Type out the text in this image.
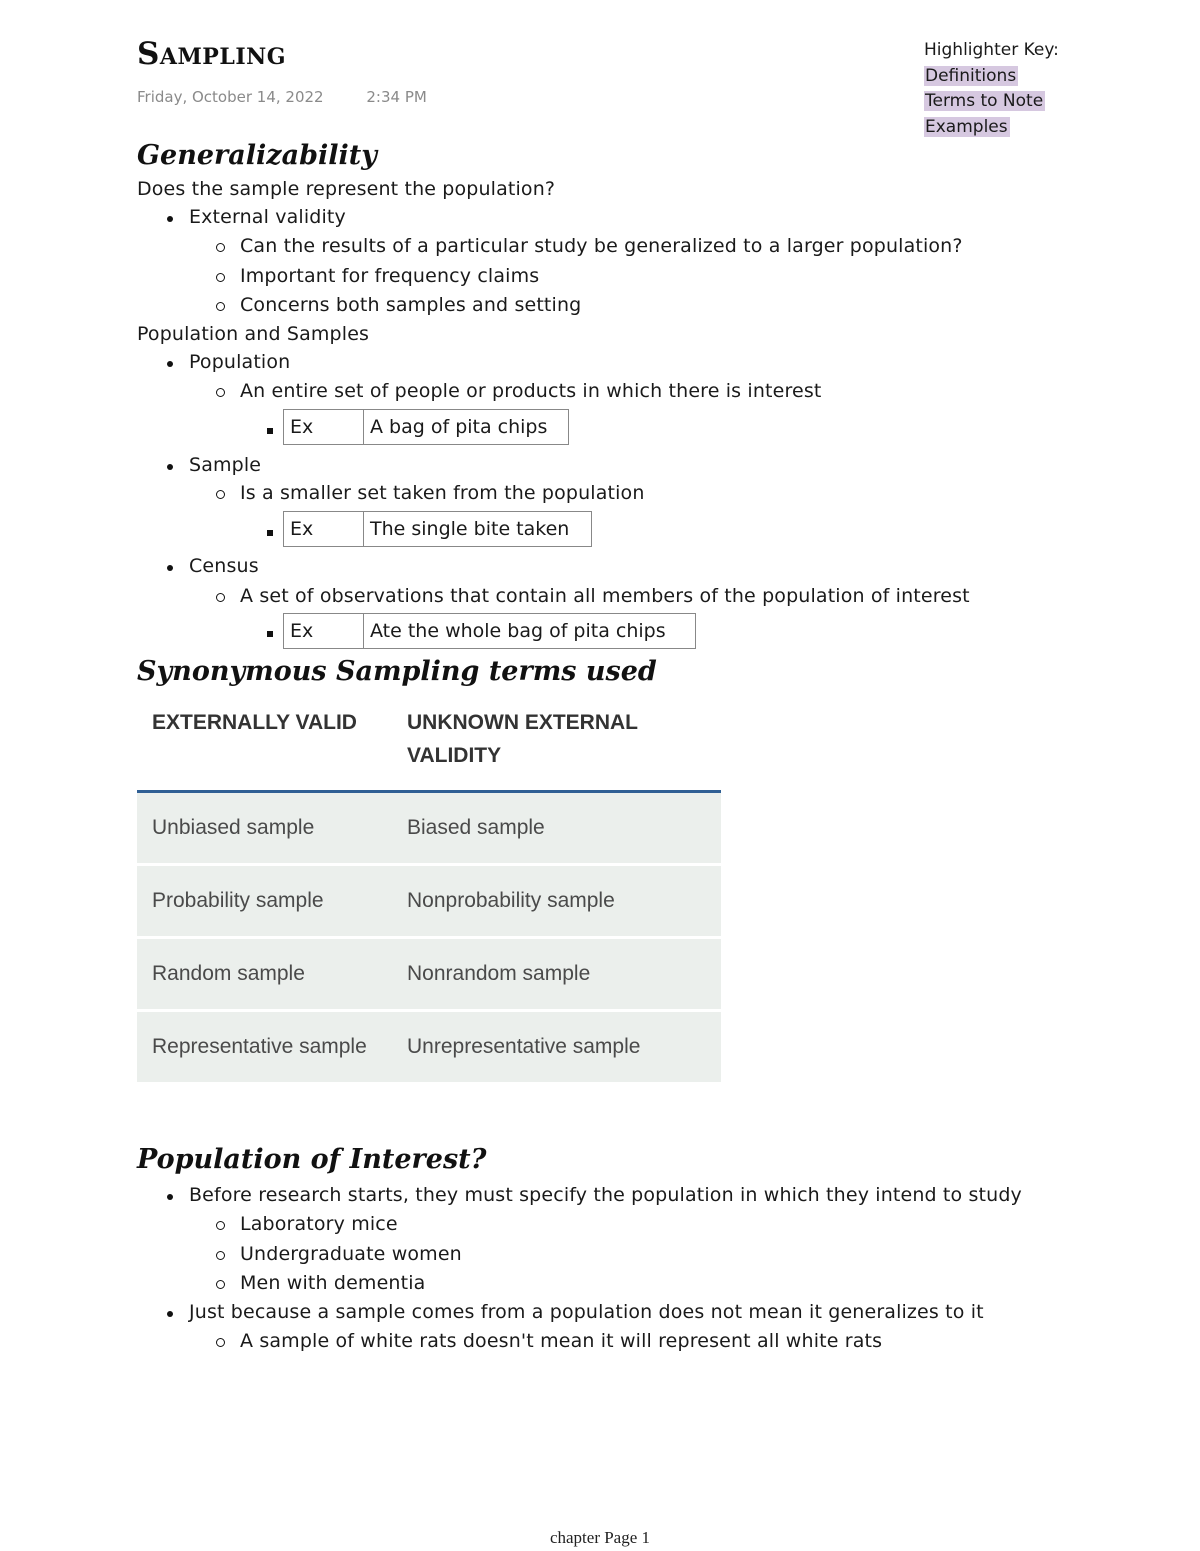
Sampling
Friday, October 14, 2022	2:34 PM
Highlighter Key:
Definitions
Terms to Note
Examples
Generalizability
Does the sample represent the population?
External validity
Can the results of a particular study be generalized to a larger population?
Important for frequency claims
Concerns both samples and setting
Population and Samples
Population
An entire set of people or products in which there is interest
Ex	A bag of pita chips
Sample
Is a smaller set taken from the population
Ex	The single bite taken
Census
A set of observations that contain all members of the population of interest
Ex	Ate the whole bag of pita chips
Synonymous Sampling terms used
EXTERNALLY VALID	UNKNOWN EXTERNAL VALIDITY
Unbiased sample	Biased sample
Probability sample	Nonprobability sample
Random sample	Nonrandom sample
Representative sample	Unrepresentative sample
Population of Interest?
Before research starts, they must specify the population in which they intend to study
Laboratory mice
Undergraduate women
Men with dementia
Just because a sample comes from a population does not mean it generalizes to it
A sample of white rats doesn't mean it will represent all white rats
chapter Page 1
